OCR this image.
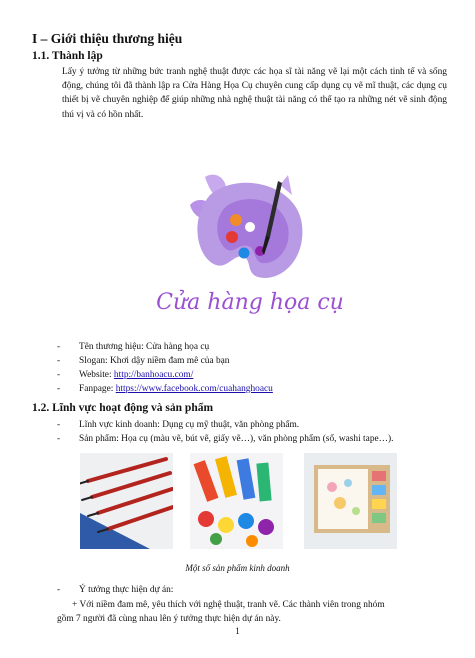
I – Giới thiệu thương hiệu
1.1. Thành lập
Lấy ý tưởng từ những bức tranh nghệ thuật được các họa sĩ tài năng vẽ lại một cách tinh tế và sống động, chúng tôi đã thành lập ra Cửa Hàng Họa Cụ chuyên cung cấp dụng cụ vẽ mĩ thuật, các dụng cụ thiết bị vẽ chuyên nghiệp để giúp những nhà nghệ thuật tài năng có thể tạo ra những nét vẽ sinh động thú vị và có hồn nhất.
Cửa hàng họa cụ
- Tên thương hiệu: Cửa hàng họa cụ
- Slogan: Khơi dậy niềm đam mê của bạn
- Website: http://banhoacu.com/
- Fanpage: https://www.facebook.com/cuahanghoacu
1.2. Lĩnh vực hoạt động và sản phẩm
- Lĩnh vực kinh doanh: Dụng cụ mỹ thuật, văn phòng phẩm.
- Sản phẩm: Họa cụ (màu vẽ, bút vẽ, giấy vẽ…), văn phòng phẩm (sổ, washi tape…).
Một số sản phẩm kinh doanh
- Ý tưởng thực hiện dự án:
+ Với niềm đam mê, yêu thích với nghệ thuật, tranh vẽ. Các thành viên trong nhóm
gồm 7 người đã cùng nhau lên ý tưởng thực hiện dự án này.
1
